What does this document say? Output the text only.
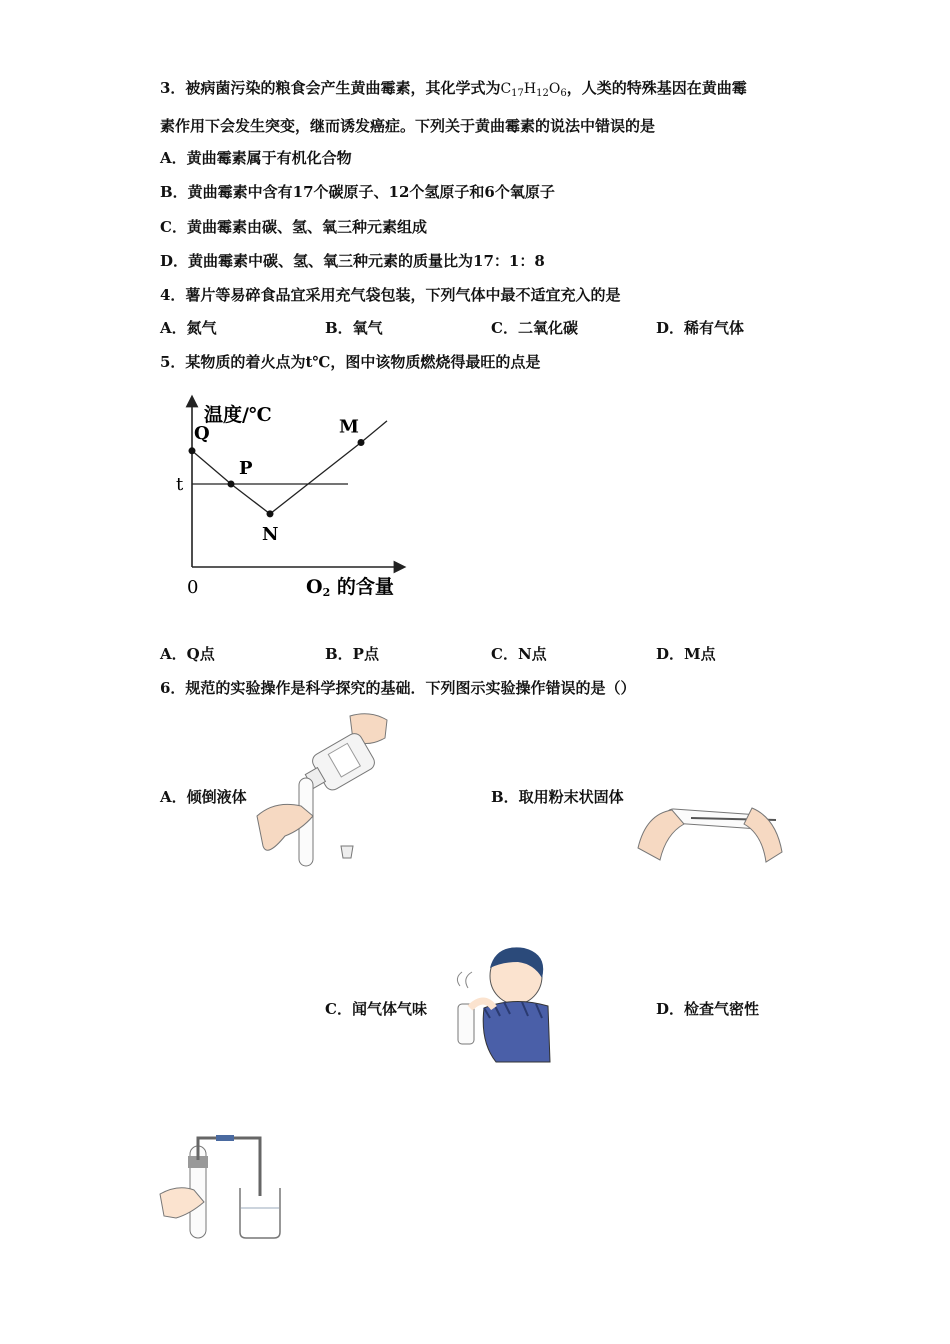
3．被病菌污染的粮食会产生黄曲霉素，其化学式为$C_{17}H_{12}O_6$，人类的特殊基因在黄曲霉
素作用下会发生突变，继而诱发癌症。下列关于黄曲霉素的说法中错误的是
A．黄曲霉素属于有机化合物
B．黄曲霉素中含有17个碳原子、12个氢原子和6个氧原子
C．黄曲霉素由碳、氢、氧三种元素组成
D．黄曲霉素中碳、氢、氧三种元素的质量比为17：1：8
4．薯片等易碎食品宜采用充气袋包装，下列气体中最不适宜充入的是
A．氮气	B．氧气	C．二氧化碳	D．稀有气体
5．某物质的着火点为t℃，图中该物质燃烧得最旺的点是
温度/℃
0	O2 的含量
t
Q
P
N
M
A．Q点	B．P点	C．N点	D．M点
6．规范的实验操作是科学探究的基础．下列图示实验操作错误的是（）
A．倾倒液体	B．取用粉末状固体
C．闻气体气味	D．检查气密性
